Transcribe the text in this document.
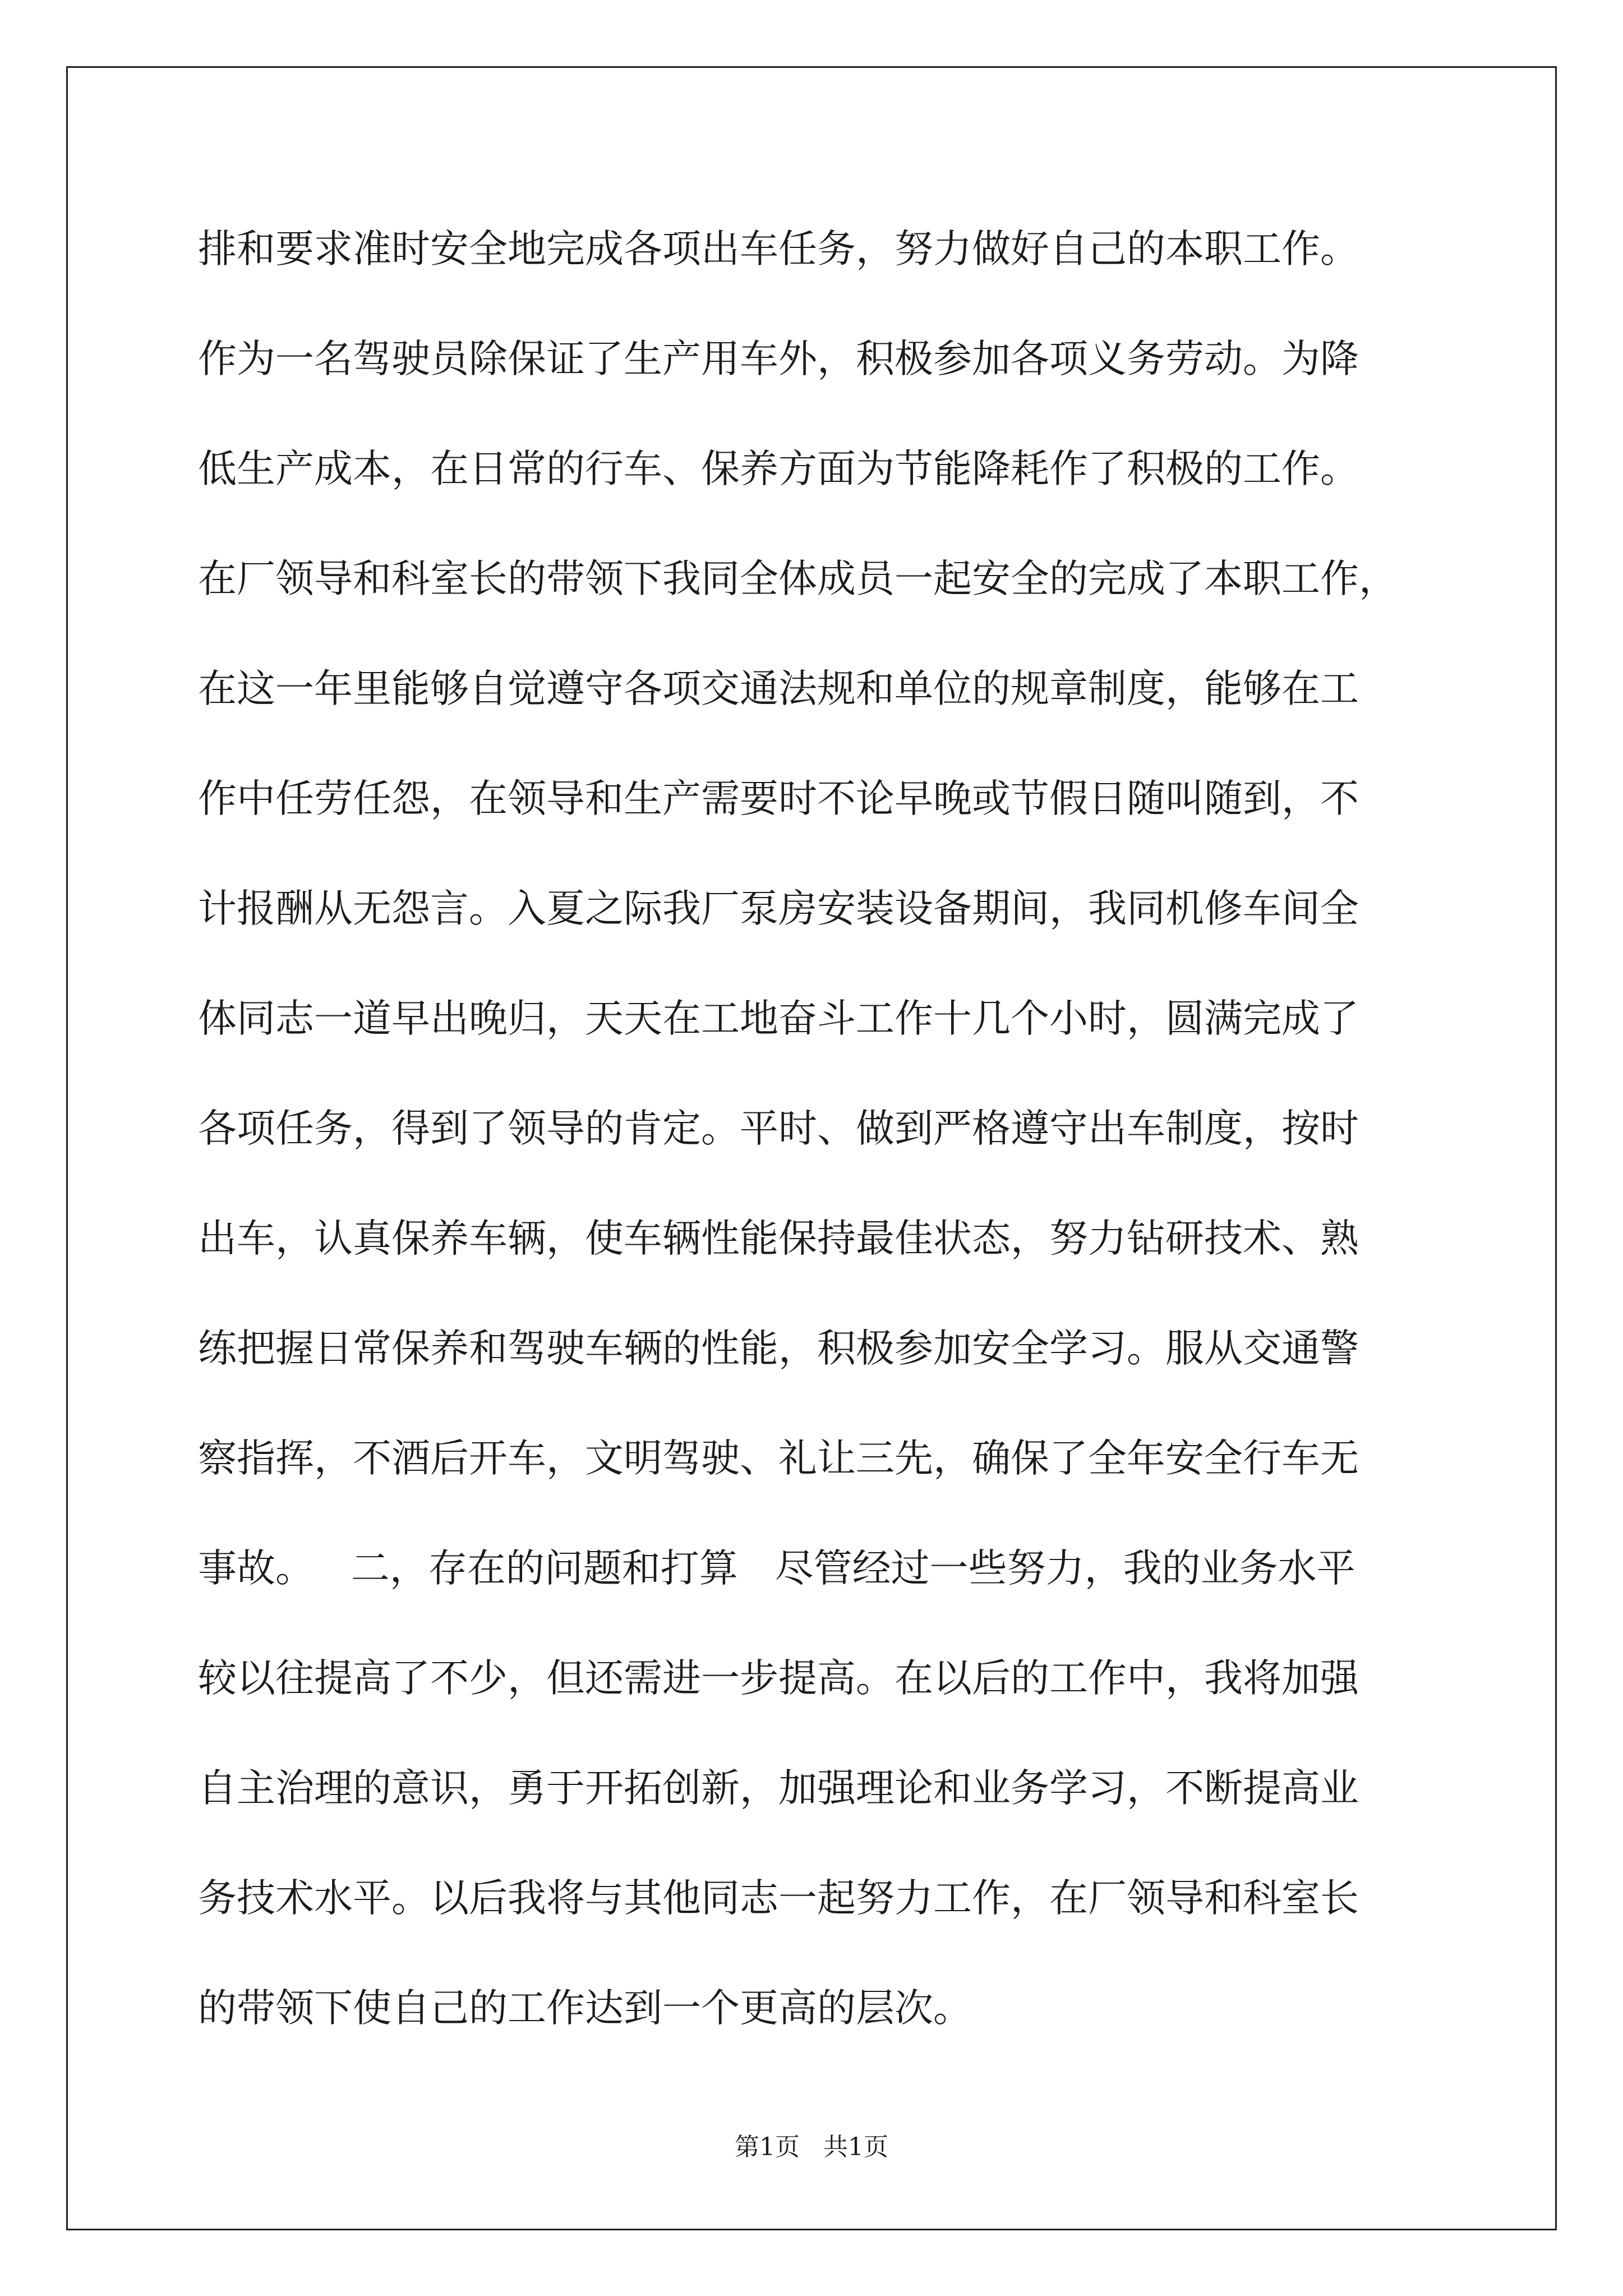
排和要求准时安全地完成各项出车任务，努力做好自己的本职工作。
作为一名驾驶员除保证了生产用车外，积极参加各项义务劳动。为降
低生产成本，在日常的行车、保养方面为节能降耗作了积极的工作。
在厂领导和科室长的带领下我同全体成员一起安全的完成了本职工作，
在这一年里能够自觉遵守各项交通法规和单位的规章制度，能够在工
作中任劳任怨，在领导和生产需要时不论早晚或节假日随叫随到，不
计报酬从无怨言。入夏之际我厂泵房安装设备期间，我同机修车间全
体同志一道早出晚归，天天在工地奋斗工作十几个小时，圆满完成了
各项任务，得到了领导的肯定。平时、做到严格遵守出车制度，按时
出车，认真保养车辆，使车辆性能保持最佳状态，努力钻研技术、熟
练把握日常保养和驾驶车辆的性能，积极参加安全学习。服从交通警
察指挥，不酒后开车，文明驾驶、礼让三先，确保了全年安全行车无
事故。   二，存在的问题和打算   尽管经过一些努力，我的业务水平
较以往提高了不少，但还需进一步提高。在以后的工作中，我将加强
自主治理的意识，勇于开拓创新，加强理论和业务学习，不断提高业
务技术水平。以后我将与其他同志一起努力工作，在厂领导和科室长
的带领下使自己的工作达到一个更高的层次。
第1页   共1页
